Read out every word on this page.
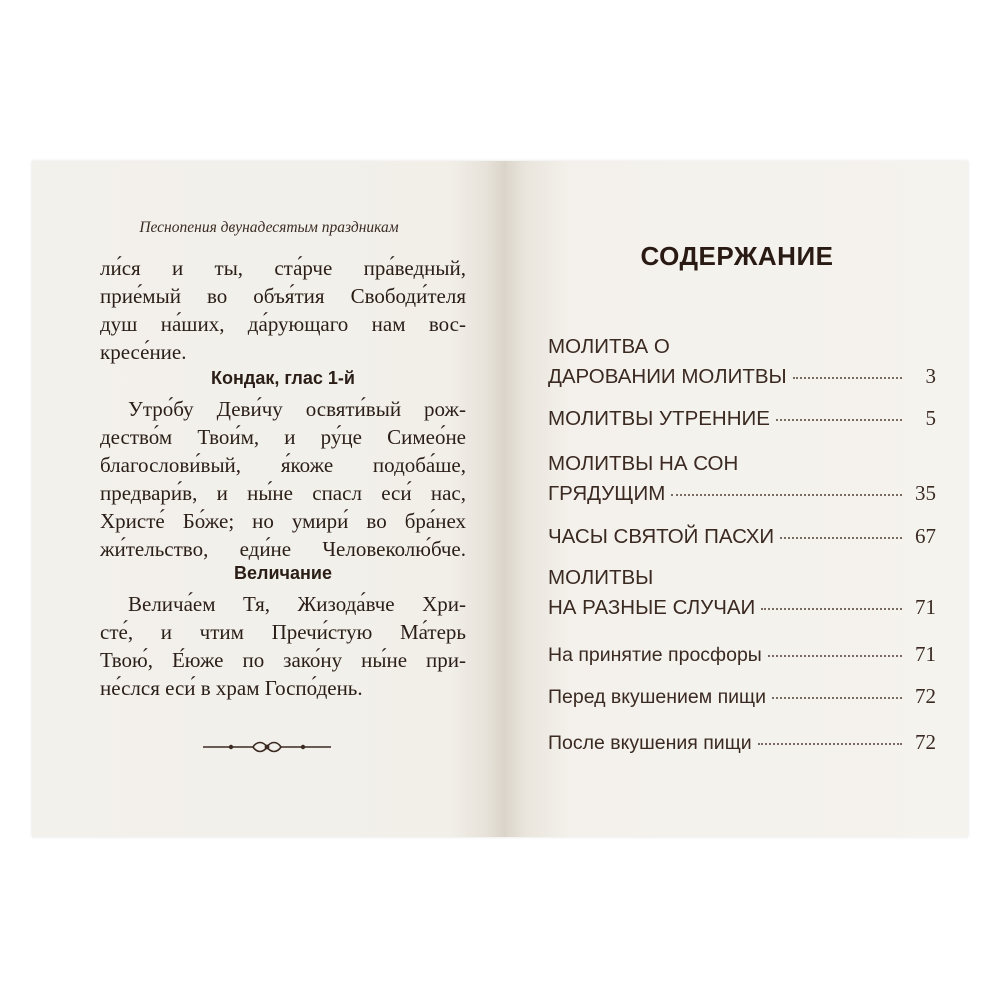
Песнопения двунадесятым праздникам
ли́ся и ты, ста́рче пра́ведный,
прие́мый во объя́тия Свободи́теля
душ на́ших, да́рующаго нам вос-
кресе́ние.
Кондак, глас 1-й
Утро́бу Деви́чу освяти́вый рож-
дество́м Твои́м, и ру́це Симео́не
благослови́вый, я́коже подоба́ше,
предвари́в, и ны́не спасл еси́ нас,
Христе́ Бо́же; но умири́ во бра́нех
жи́тельство, еди́не Человеколю́бче.
Величание
Велича́ем Тя, Жизода́вче Хри-
сте́, и чтим Пречи́стую Ма́терь
Твою́, Е́юже по зако́ну ны́не при-
не́слся еси́ в храм Госпо́день.
СОДЕРЖАНИЕ
МОЛИТВА О
ДАРОВАНИИ МОЛИТВЫ	3
МОЛИТВЫ УТРЕННИЕ	5
МОЛИТВЫ НА СОН
ГРЯДУЩИМ	35
ЧАСЫ СВЯТОЙ ПАСХИ	67
МОЛИТВЫ
НА РАЗНЫЕ СЛУЧАИ	71
На принятие просфоры	71
Перед вкушением пищи	72
После вкушения пищи	72
